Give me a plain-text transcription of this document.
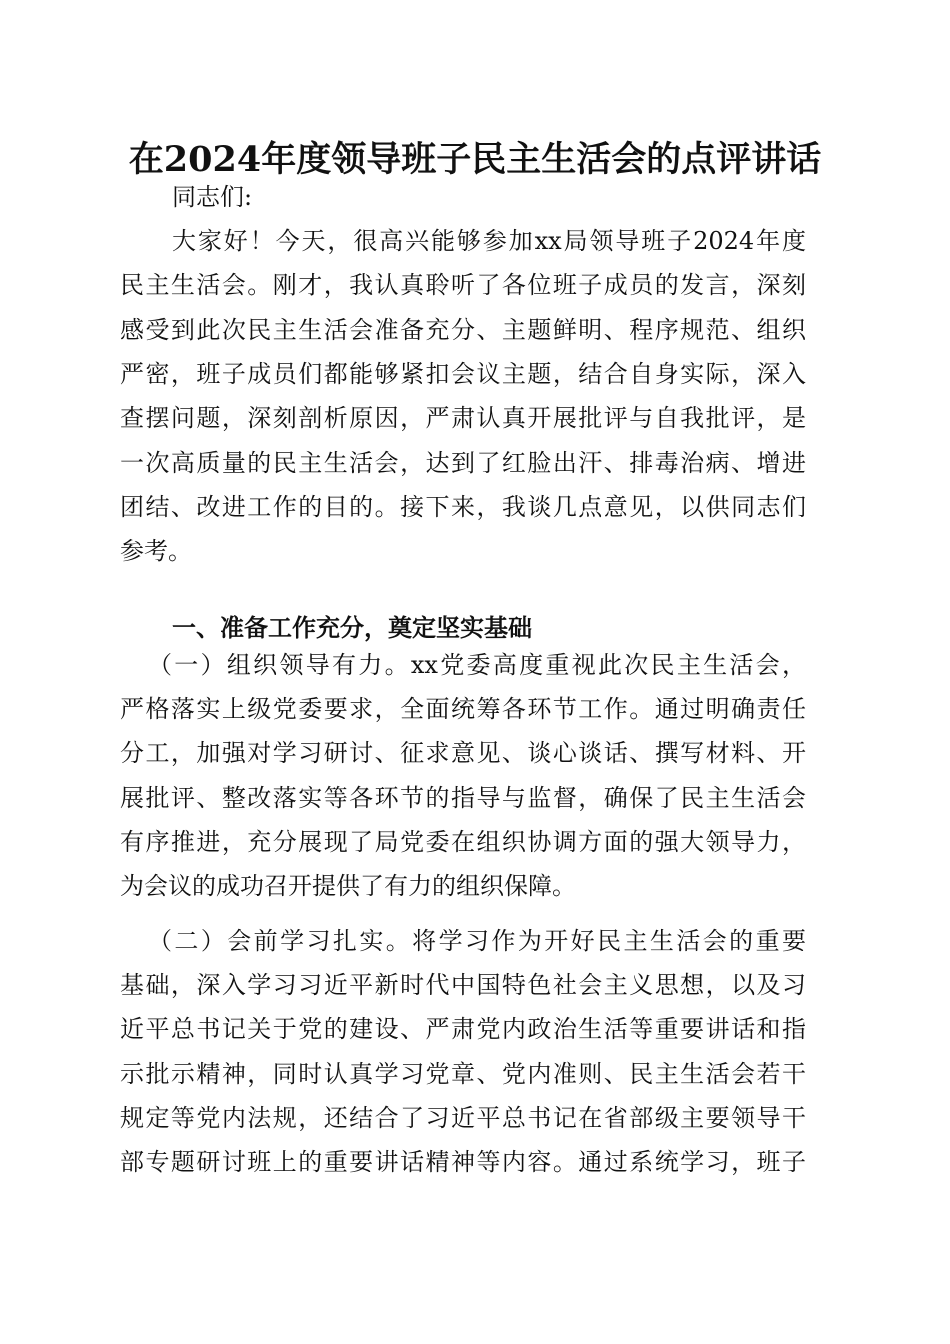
在2024年度领导班子民主生活会的点评讲话
同志们:
大家好！今天，很高兴能够参加xx局领导班子2024年度
民主生活会。刚才，我认真聆听了各位班子成员的发言，深刻
感受到此次民主生活会准备充分、主题鲜明、程序规范、组织
严密，班子成员们都能够紧扣会议主题，结合自身实际，深入
查摆问题，深刻剖析原因，严肃认真开展批评与自我批评，是
一次高质量的民主生活会，达到了红脸出汗、排毒治病、增进
团结、改进工作的目的。接下来，我谈几点意见，以供同志们
参考。
一、准备工作充分，奠定坚实基础
（一）组织领导有力。xx党委高度重视此次民主生活会，
严格落实上级党委要求，全面统筹各环节工作。通过明确责任
分工，加强对学习研讨、征求意见、谈心谈话、撰写材料、开
展批评、整改落实等各环节的指导与监督，确保了民主生活会
有序推进，充分展现了局党委在组织协调方面的强大领导力，
为会议的成功召开提供了有力的组织保障。
（二）会前学习扎实。将学习作为开好民主生活会的重要
基础，深入学习习近平新时代中国特色社会主义思想，以及习
近平总书记关于党的建设、严肃党内政治生活等重要讲话和指
示批示精神，同时认真学习党章、党内准则、民主生活会若干
规定等党内法规，还结合了习近平总书记在省部级主要领导干
部专题研讨班上的重要讲话精神等内容。通过系统学习，班子
